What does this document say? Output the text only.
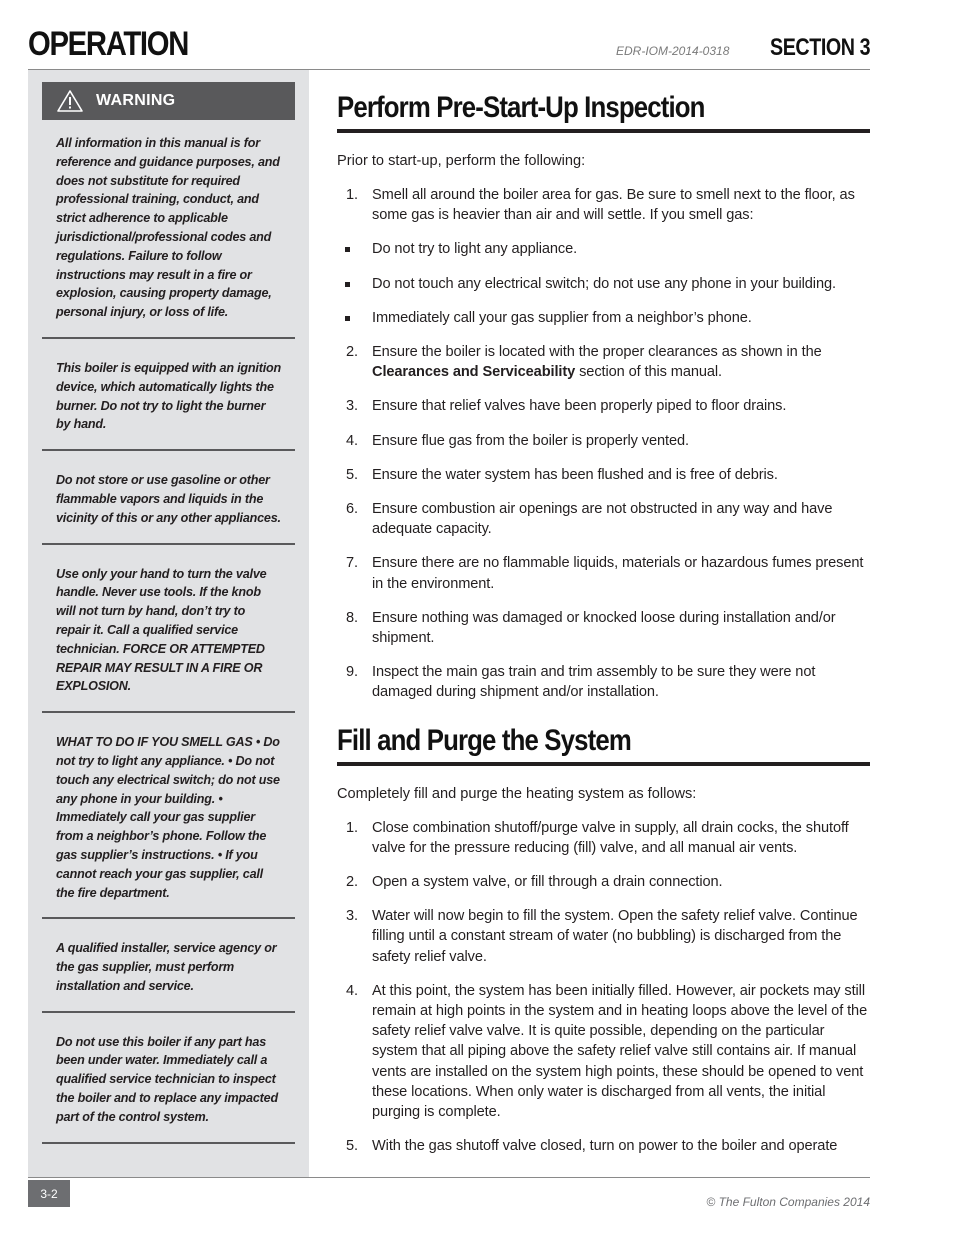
OPERATION	EDR-IOM-2014-0318 SECTION 3
WARNING
All information in this manual is for reference and guidance purposes, and does not substitute for required professional training, conduct, and strict adherence to applicable jurisdictional/professional codes and regulations. Failure to follow instructions may result in a fire or explosion, causing property damage, personal injury, or loss of life.
This boiler is equipped with an ignition device, which automatically lights the burner. Do not try to light the burner by hand.
Do not store or use gasoline or other flammable vapors and liquids in the vicinity of this or any other appliances.
Use only your hand to turn the valve handle. Never use tools. If the knob will not turn by hand, don’t try to repair it. Call a qualified service technician. FORCE OR ATTEMPTED REPAIR MAY RESULT IN A FIRE OR EXPLOSION.
WHAT TO DO IF YOU SMELL GAS • Do not try to light any appliance. • Do not touch any electrical switch; do not use any phone in your building. • Immediately call your gas supplier from a neighbor’s phone. Follow the gas supplier’s instructions. • If you cannot reach your gas supplier, call the fire department.
A qualified installer, service agency or the gas supplier, must perform installation and service.
Do not use this boiler if any part has been under water. Immediately call a qualified service technician to inspect the boiler and to replace any impacted part of the control system.
Perform Pre-Start-Up Inspection

Prior to start-up, perform the following:

1. Smell all around the boiler area for gas. Be sure to smell next to the floor, as some gas is heavier than air and will settle. If you smell gas:
Do not try to light any appliance.
Do not touch any electrical switch; do not use any phone in your building.
Immediately call your gas supplier from a neighbor’s phone.
2. Ensure the boiler is located with the proper clearances as shown in the Clearances and Serviceability section of this manual.
3. Ensure that relief valves have been properly piped to floor drains.
4. Ensure flue gas from the boiler is properly vented.
5. Ensure the water system has been flushed and is free of debris.
6. Ensure combustion air openings are not obstructed in any way and have adequate capacity.
7. Ensure there are no flammable liquids, materials or hazardous fumes present in the environment.
8. Ensure nothing was damaged or knocked loose during installation and/or shipment.
9. Inspect the main gas train and trim assembly to be sure they were not damaged during shipment and/or installation.
Fill and Purge the System

Completely fill and purge the heating system as follows:

1. Close combination shutoff/purge valve in supply, all drain cocks, the shutoff valve for the pressure reducing (fill) valve, and all manual air vents.
2. Open a system valve, or fill through a drain connection.
3. Water will now begin to fill the system. Open the safety relief valve. Continue filling until a constant stream of water (no bubbling) is discharged from the safety relief valve.
4. At this point, the system has been initially filled. However, air pockets may still remain at high points in the system and in heating loops above the level of the safety relief valve valve. It is quite possible, depending on the particular system that all piping above the safety relief valve still contains air. If manual vents are installed on the system high points, these should be opened to vent these locations. When only water is discharged from all vents, the initial purging is complete.
5. With the gas shutoff valve closed, turn on power to the boiler and operate
3-2
© The Fulton Companies 2014
